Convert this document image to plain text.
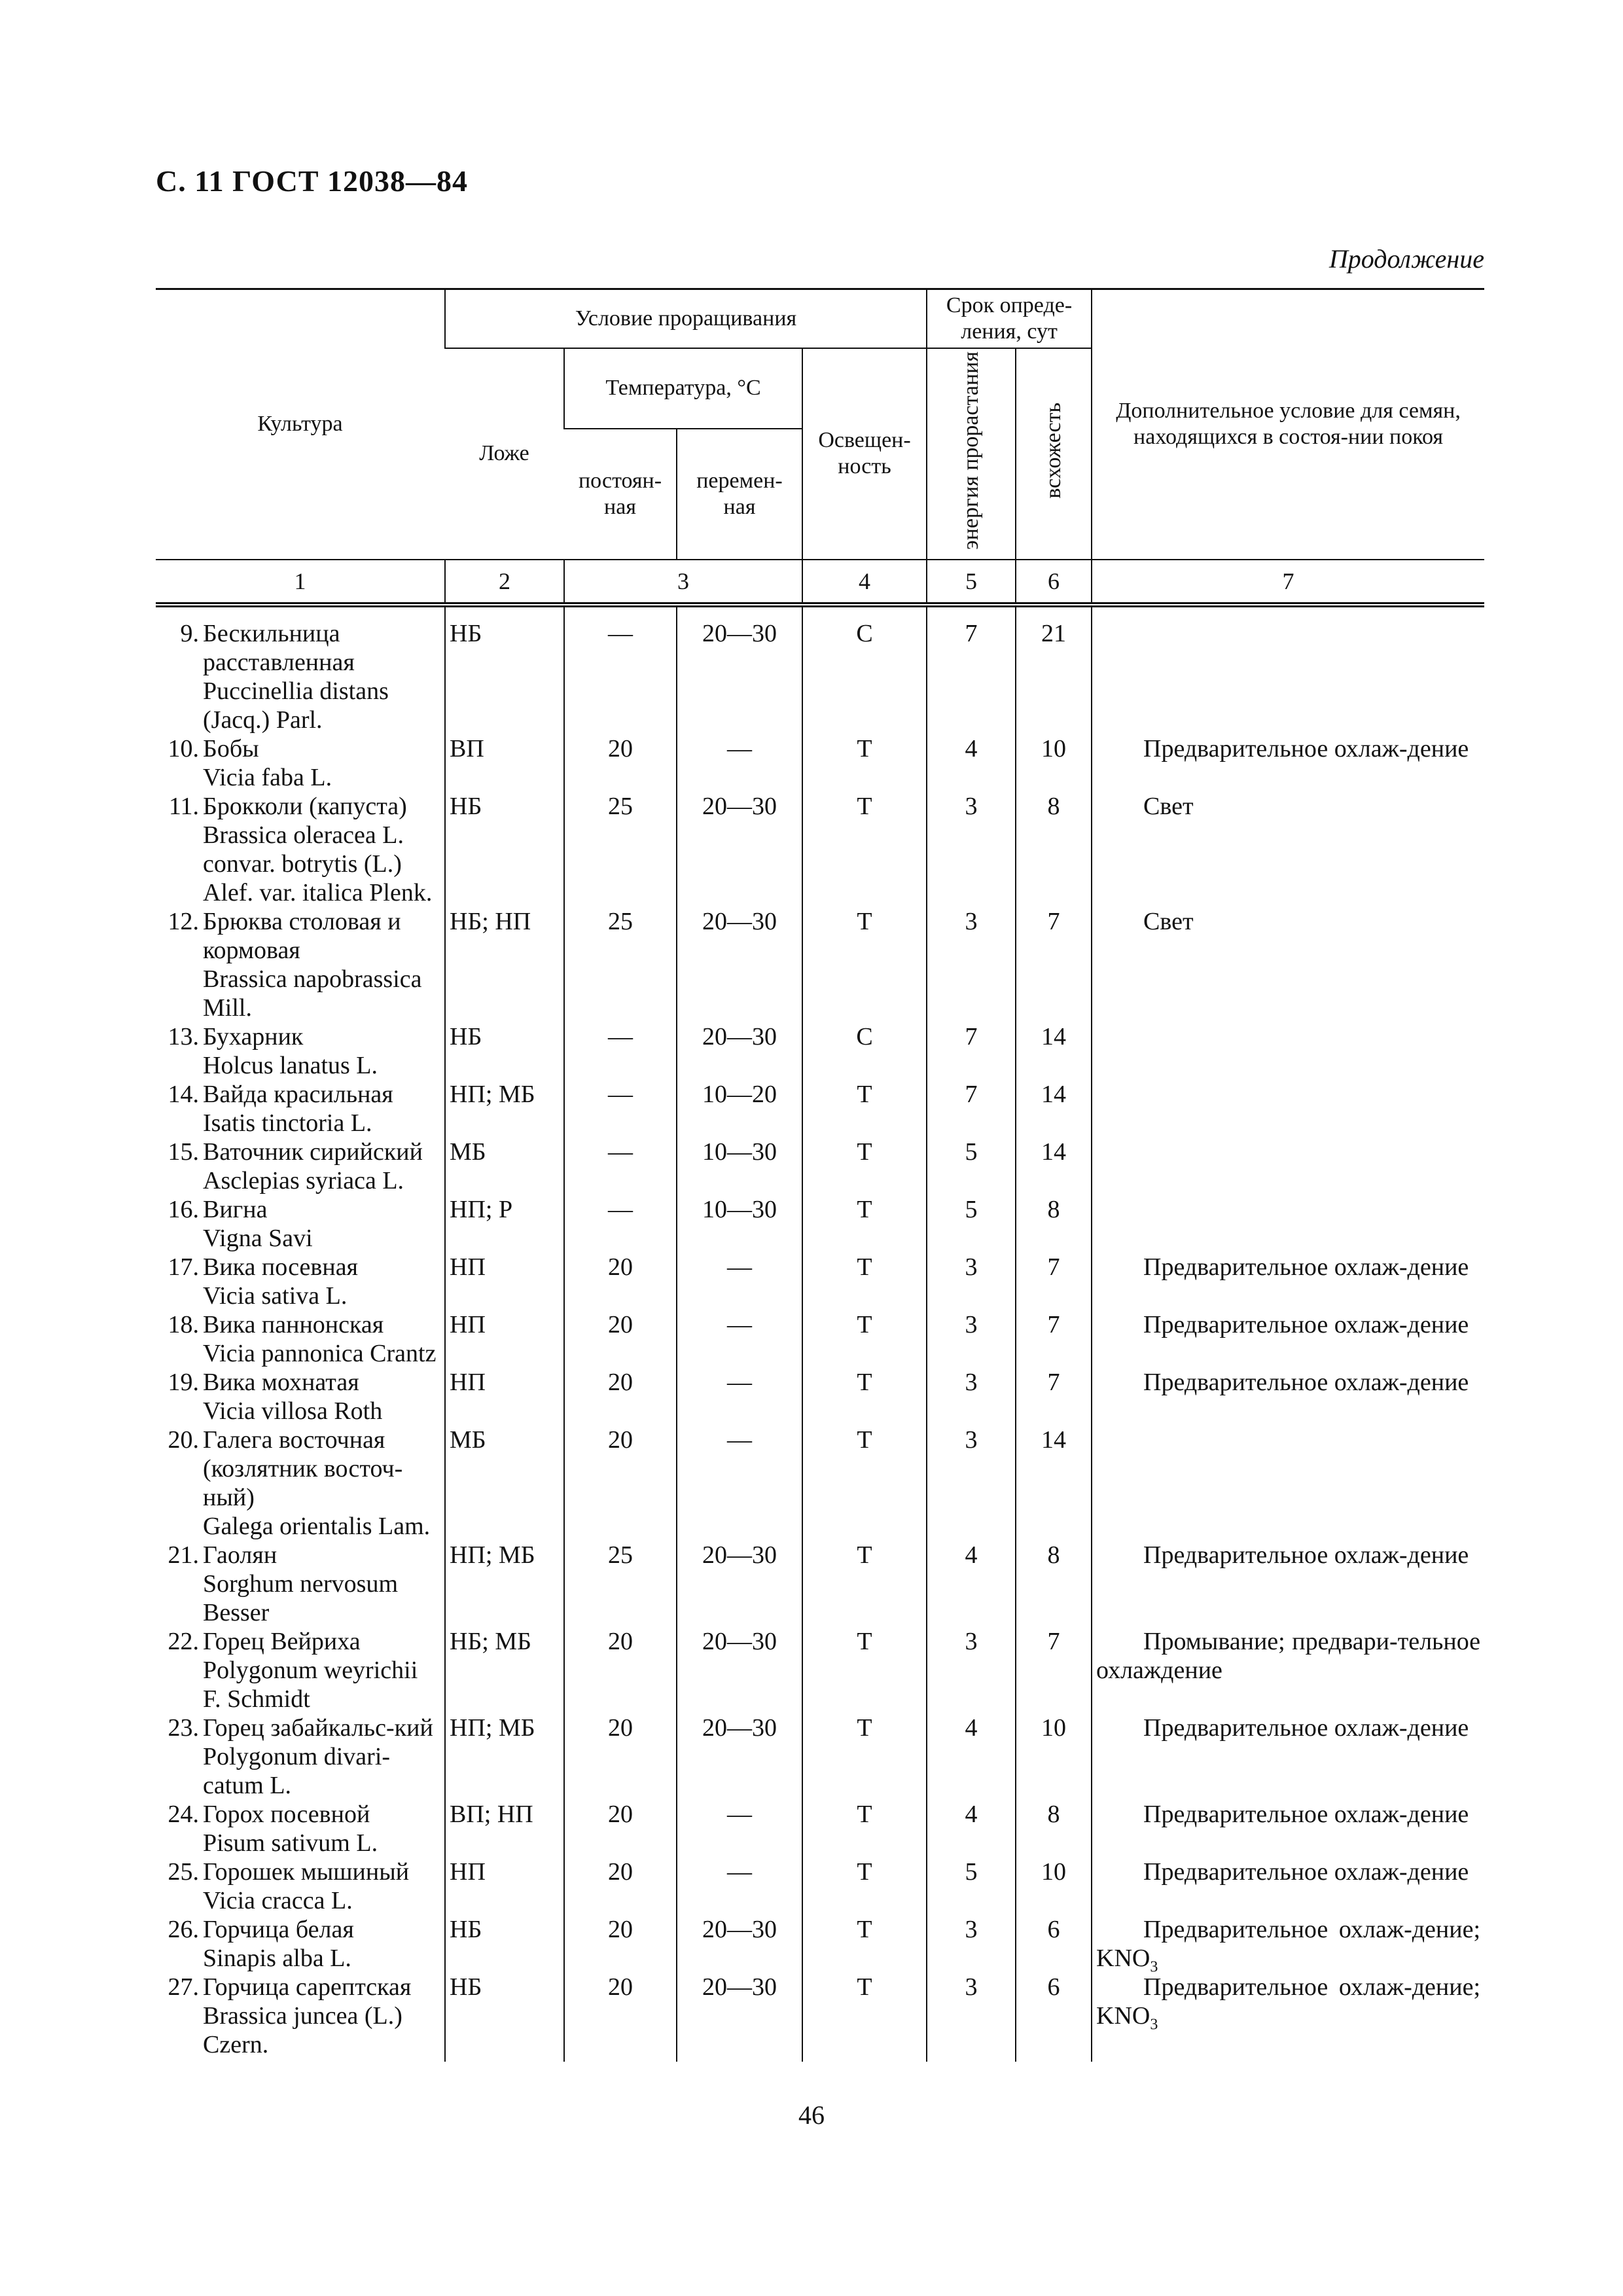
С. 11 ГОСТ 12038—84
Продолжение
Культура	Условие проращивания				Срок опреде-ления, сут		Дополнительное условие для семян, находящихся в состоя-нии покоя
	Ложе	Температура, °С		Освещен-ность	энергия прорастания	всхожесть	
		постоян-ная	перемен-ная				
1	2	3		4	5	6	7

9. Бескильница расставленная
Puccinellia distans (Jacq.) Parl.	НБ	—	20—30	С	7	21	

10. Бобы
Vicia faba L.	ВП	20	—	Т	4	10	Предварительное охлаж-дение

11. Брокколи (капуста)
Brassica oleracea L. convar. botrytis (L.) Alef. var. italica Plenk.	НБ	25	20—30	Т	3	8	Свет

12. Брюква столовая и кормовая
Brassica napobrassica Mill.	НБ; НП	25	20—30	Т	3	7	Свет

13. Бухарник
Holcus lanatus L.	НБ	—	20—30	С	7	14	

14. Вайда красильная
Isatis tinctoria L.	НП; МБ	—	10—20	Т	7	14	

15. Ваточник сирийский
Asclepias syriaca L.	МБ	—	10—30	Т	5	14	

16. Вигна
Vigna Savi	НП; Р	—	10—30	Т	5	8	

17. Вика посевная
Vicia sativa L.	НП	20	—	Т	3	7	Предварительное охлаж-дение

18. Вика паннонская
Vicia pannonica Crantz	НП	20	—	Т	3	7	Предварительное охлаж-дение

19. Вика мохнатая
Vicia villosa Roth	НП	20	—	Т	3	7	Предварительное охлаж-дение

20. Галега восточная (козлятник восточ-ный)
Galega orientalis Lam.	МБ	20	—	Т	3	14	

21. Гаолян
Sorghum nervosum Besser	НП; МБ	25	20—30	Т	4	8	Предварительное охлаж-дение

22. Горец Вейриха
Polygonum weyrichii F. Schmidt	НБ; МБ	20	20—30	Т	3	7	Промывание; предвари-тельное охлаждение

23. Горец забайкальс-кий
Polygonum divari-catum L.	НП; МБ	20	20—30	Т	4	10	Предварительное охлаж-дение

24. Горох посевной
Pisum sativum L.	ВП; НП	20	—	Т	4	8	Предварительное охлаж-дение

25. Горошек мышиный
Vicia cracca L.	НП	20	—	Т	5	10	Предварительное охлаж-дение

26. Горчица белая
Sinapis alba L.	НБ	20	20—30	Т	3	6	Предварительное охлаж-дение; $KNO_3$

27. Горчица сарептская
Brassica juncea (L.) Czern.	НБ	20	20—30	Т	3	6	Предварительное охлаж-дение; $KNO_3$
46
